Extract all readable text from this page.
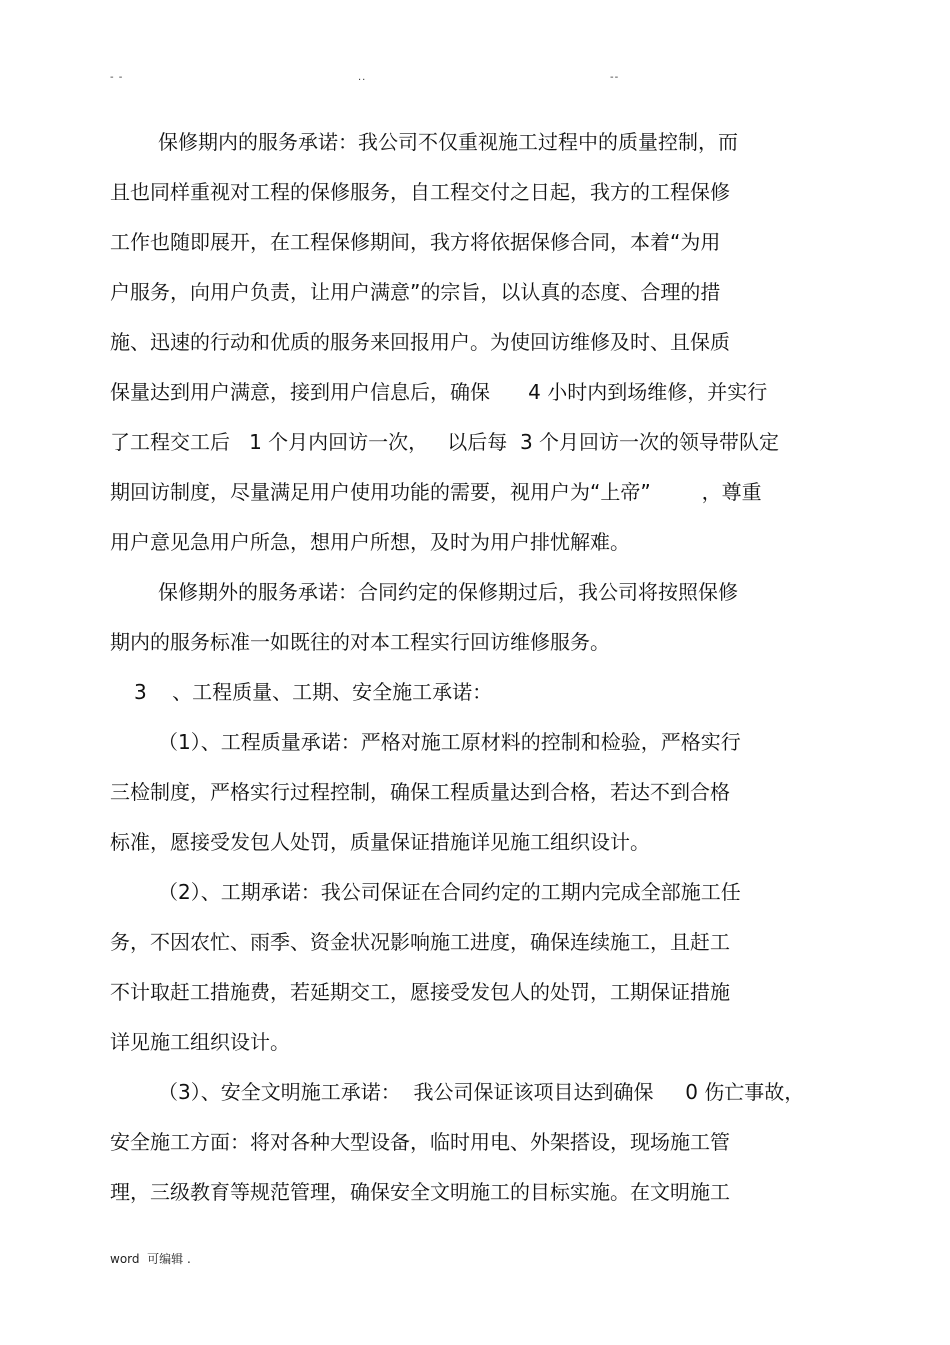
- -	..	--
保修期内的服务承诺：我公司不仅重视施工过程中的质量控制，而
且也同样重视对工程的保修服务，自工程交付之日起，我方的工程保修
工作也随即展开，在工程保修期间，我方将依据保修合同，本着“为用
户服务，向用户负责，让用户满意”的宗旨，以认真的态度、合理的措
施、迅速的行动和优质的服务来回报用户。为使回访维修及时、且保质
保量达到用户满意，接到用户信息后，确保      4 小时内到场维修，并实行
了工程交工后   1 个月内回访一次，   以后每  3 个月回访一次的领导带队定
期回访制度，尽量满足用户使用功能的需要，视用户为“上帝”        ，尊重
用户意见急用户所急，想用户所想，及时为用户排忧解难。
保修期外的服务承诺：合同约定的保修期过后，我公司将按照保修
期内的服务标准一如既往的对本工程实行回访维修服务。
3    、工程质量、工期、安全施工承诺：
（1）、工程质量承诺：严格对施工原材料的控制和检验，严格实行
三检制度，严格实行过程控制，确保工程质量达到合格，若达不到合格
标准，愿接受发包人处罚，质量保证措施详见施工组织设计。
（2）、工期承诺：我公司保证在合同约定的工期内完成全部施工任
务，不因农忙、雨季、资金状况影响施工进度，确保连续施工，且赶工
不计取赶工措施费，若延期交工，愿接受发包人的处罚，工期保证措施
详见施工组织设计。
（3）、安全文明施工承诺：  我公司保证该项目达到确保     0 伤亡事故，
安全施工方面：将对各种大型设备，临时用电、外架搭设，现场施工管
理，三级教育等规范管理，确保安全文明施工的目标实施。在文明施工
word  可编辑 .
